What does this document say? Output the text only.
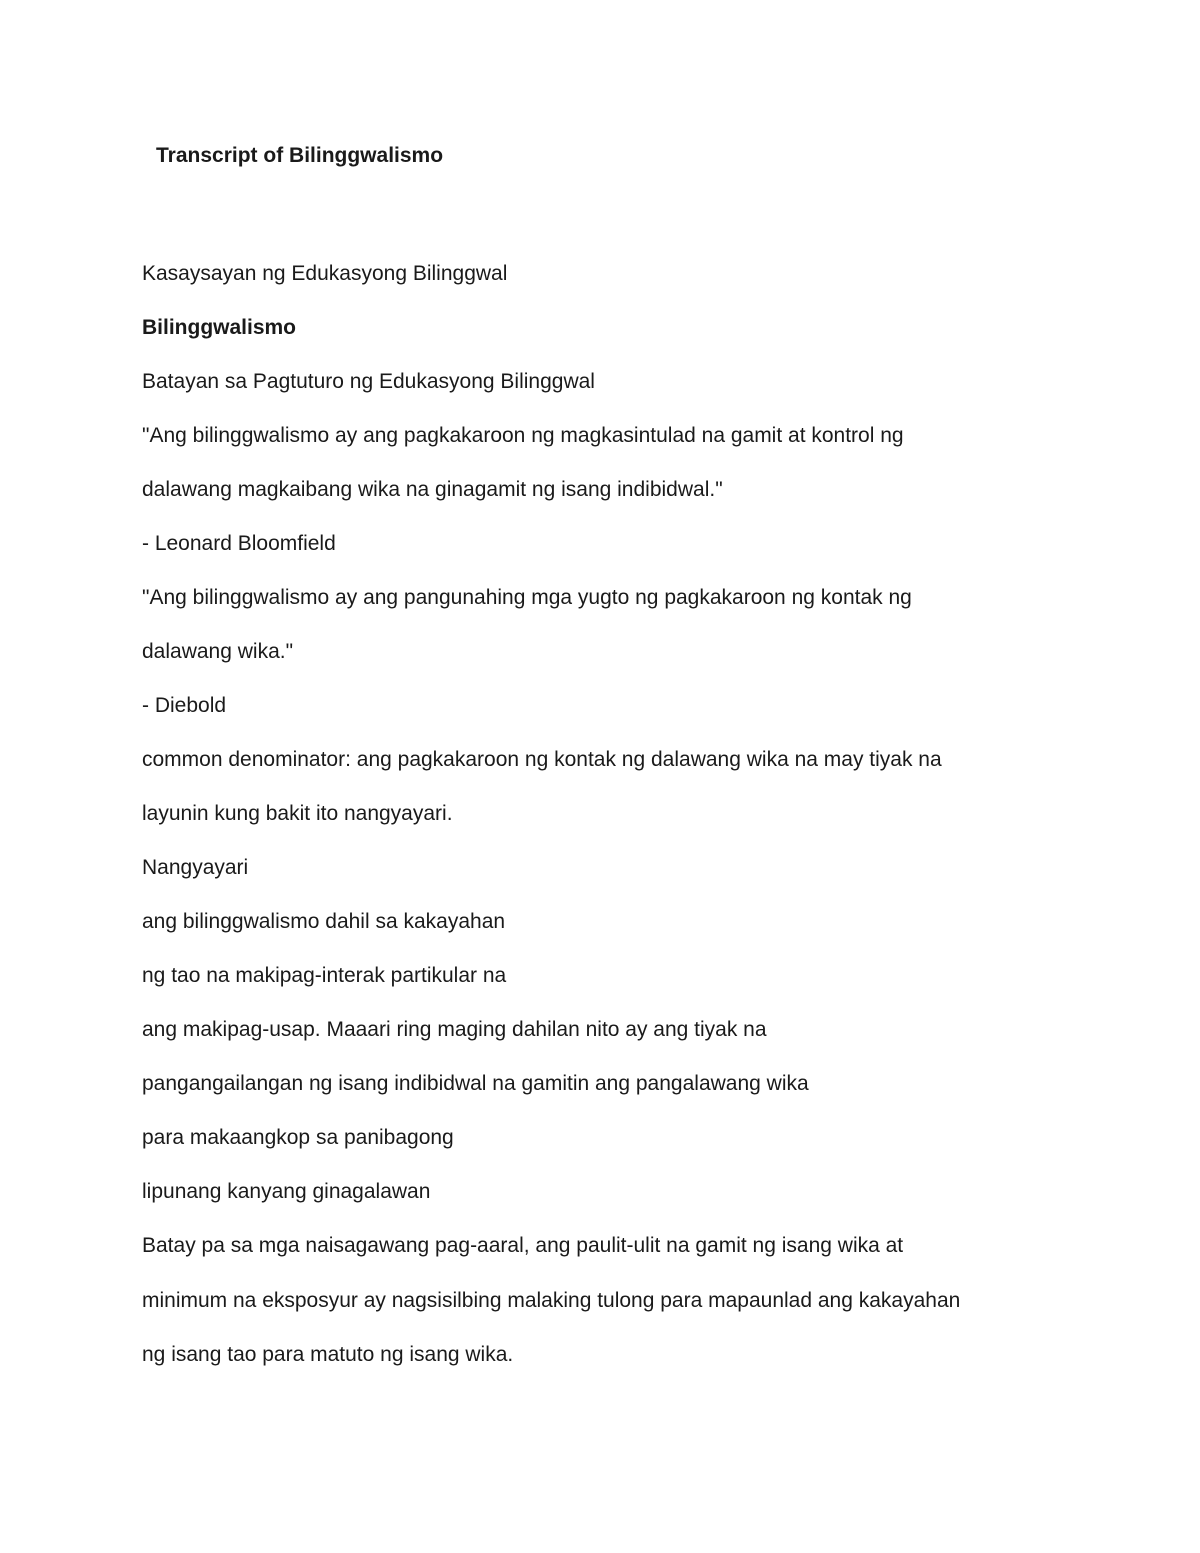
Transcript of Bilinggwalismo

Kasaysayan ng Edukasyong Bilinggwal

Bilinggwalismo

Batayan sa Pagtuturo ng Edukasyong Bilinggwal

"Ang bilinggwalismo ay ang pagkakaroon ng magkasintulad na gamit at kontrol ng

dalawang magkaibang wika na ginagamit ng isang indibidwal."

- Leonard Bloomfield

"Ang bilinggwalismo ay ang pangunahing mga yugto ng pagkakaroon ng kontak ng

dalawang wika."

- Diebold

common denominator: ang pagkakaroon ng kontak ng dalawang wika na may tiyak na

layunin kung bakit ito nangyayari.

Nangyayari

ang bilinggwalismo dahil sa kakayahan

ng tao na makipag-interak partikular na

ang makipag-usap. Maaari ring maging dahilan nito ay ang tiyak na

pangangailangan ng isang indibidwal na gamitin ang pangalawang wika

para makaangkop sa panibagong

lipunang kanyang ginagalawan

Batay pa sa mga naisagawang pag-aaral, ang paulit-ulit na gamit ng isang wika at

minimum na eksposyur ay nagsisilbing malaking tulong para mapaunlad ang kakayahan

ng isang tao para matuto ng isang wika.
